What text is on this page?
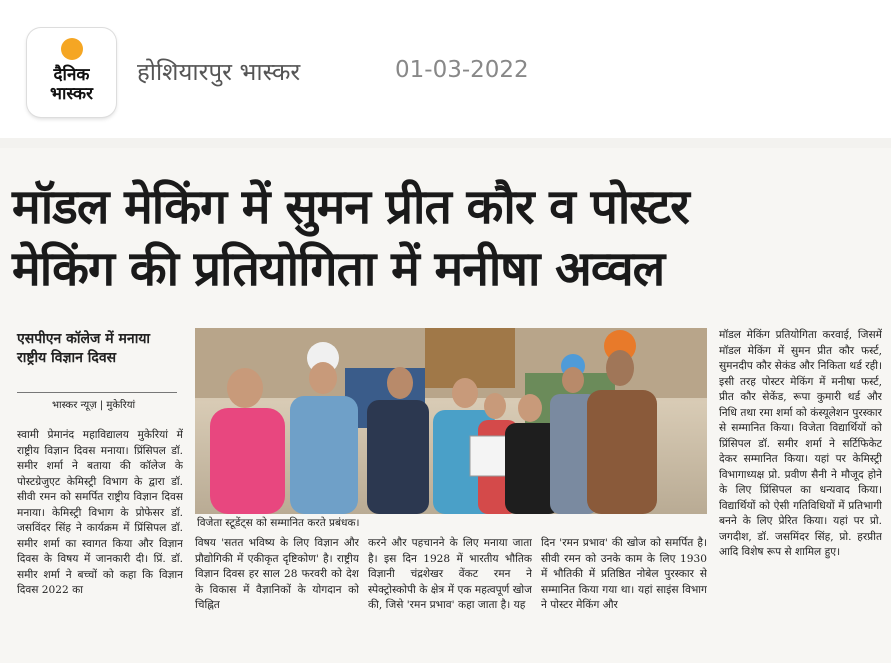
दैनिक
भास्कर
होशियारपुर भास्कर	01-03-2022
मॉडल मेकिंग में सुमन प्रीत कौर व पोस्टर
मेकिंग की प्रतियोगिता में मनीषा अव्वल
एसपीएन कॉलेज में मनाया राष्ट्रीय विज्ञान दिवस
भास्कर न्यूज़ | मुकेरियां
स्वामी प्रेमानंद महाविद्यालय मुकेरियां में राष्ट्रीय विज्ञान दिवस मनाया। प्रिंसिपल डॉ. समीर शर्मा ने बताया की कॉलेज के पोस्टग्रेजुएट केमिस्ट्री विभाग के द्वारा डॉ. सीवी रमन को समर्पित राष्ट्रीय विज्ञान दिवस मनाया। केमिस्ट्री विभाग के प्रोफेसर डॉ. जसविंदर सिंह ने कार्यक्रम में प्रिंसिपल डॉ. समीर शर्मा का स्वागत किया और विज्ञान दिवस के विषय में जानकारी दी। प्रिं. डॉ. समीर शर्मा ने बच्चों को कहा कि विज्ञान दिवस 2022 का
विजेता स्टूडेंट्स को सम्मानित करते प्रबंधक।
विषय 'सतत भविष्य के लिए विज्ञान और प्रौद्योगिकी में एकीकृत दृष्टिकोण' है। राष्ट्रीय विज्ञान दिवस हर साल 28 फरवरी को देश के विकास में वैज्ञानिकों के योगदान को चिह्नित
करने और पहचानने के लिए मनाया जाता है। इस दिन 1928 में भारतीय भौतिक विज्ञानी चंद्रशेखर वेंकट रमन ने स्पेक्ट्रोस्कोपी के क्षेत्र में एक महत्वपूर्ण खोज की, जिसे 'रमन प्रभाव' कहा जाता है। यह
दिन 'रमन प्रभाव' की खोज को समर्पित है। सीवी रमन को उनके काम के लिए 1930 में भौतिकी में प्रतिष्ठित नोबेल पुरस्कार से सम्मानित किया गया था। यहां साइंस विभाग ने पोस्टर मेकिंग और
मॉडल मेकिंग प्रतियोगिता करवाई, जिसमें मॉडल मेकिंग में सुमन प्रीत कौर फर्स्ट, सुमनदीप कौर सेकंड और निकिता थर्ड रही। इसी तरह पोस्टर मेकिंग में मनीषा फर्स्ट, प्रीत कौर सेकेंड, रूपा कुमारी थर्ड और निधि तथा रमा शर्मा को कंस्यूलेशन पुरस्कार से सम्मानित किया। विजेता विद्यार्थियों को प्रिंसिपल डॉ. समीर शर्मा ने सर्टिफिकेट देकर सम्मानित किया। यहां पर केमिस्ट्री विभागाध्यक्ष प्रो. प्रवीण सैनी ने मौजूद होने के लिए प्रिंसिपल का धन्यवाद किया। विद्यार्थियों को ऐसी गतिविधियों में प्रतिभागी बनने के लिए प्रेरित किया। यहां पर प्रो. जगदीश, डॉ. जसमिंदर सिंह, प्रो. हरप्रीत आदि विशेष रूप से शामिल हुए।
